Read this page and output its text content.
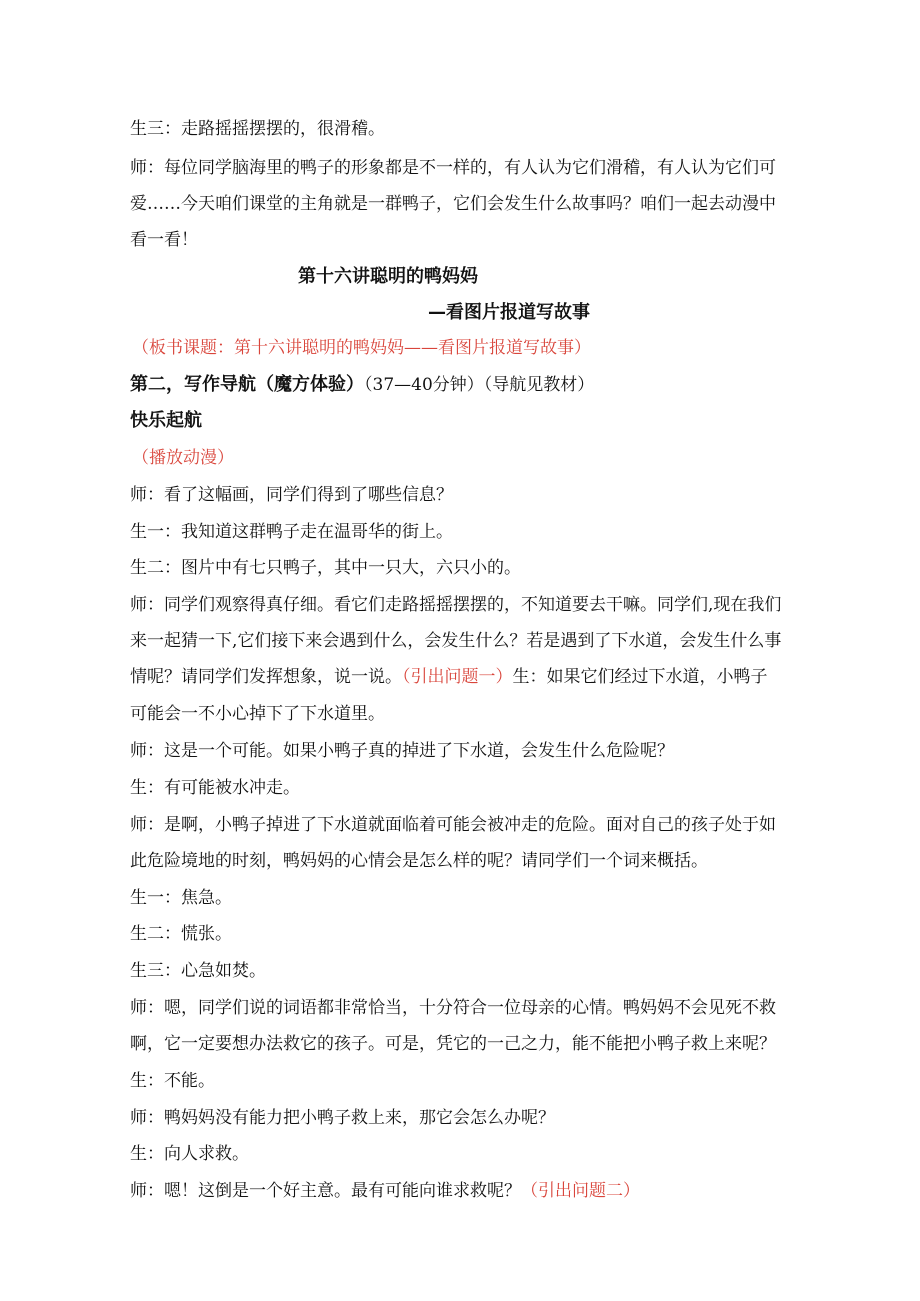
生三：走路摇摇摆摆的，很滑稽。
师：每位同学脑海里的鸭子的形象都是不一样的，有人认为它们滑稽，有人认为它们可
爱……今天咱们课堂的主角就是一群鸭子，它们会发生什么故事吗？咱们一起去动漫中
看一看！
第十六讲聪明的鸭妈妈
—看图片报道写故事
（板书课题：第十六讲聪明的鸭妈妈——看图片报道写故事）
第二，写作导航（魔方体验）（37—40分钟）（导航见教材）
快乐起航
（播放动漫）
师：看了这幅画，同学们得到了哪些信息？
生一：我知道这群鸭子走在温哥华的街上。
生二：图片中有七只鸭子，其中一只大，六只小的。
师：同学们观察得真仔细。看它们走路摇摇摆摆的，不知道要去干嘛。同学们,现在我们
来一起猜一下,它们接下来会遇到什么，会发生什么？若是遇到了下水道，会发生什么事
情呢？请同学们发挥想象，说一说。（引出问题一）生：如果它们经过下水道，小鸭子
可能会一不小心掉下了下水道里。
师：这是一个可能。如果小鸭子真的掉进了下水道，会发生什么危险呢？
生：有可能被水冲走。
师：是啊，小鸭子掉进了下水道就面临着可能会被冲走的危险。面对自己的孩子处于如
此危险境地的时刻，鸭妈妈的心情会是怎么样的呢？请同学们一个词来概括。
生一：焦急。
生二：慌张。
生三：心急如焚。
师：嗯，同学们说的词语都非常恰当，十分符合一位母亲的心情。鸭妈妈不会见死不救
啊，它一定要想办法救它的孩子。可是，凭它的一己之力，能不能把小鸭子救上来呢？
生：不能。
师：鸭妈妈没有能力把小鸭子救上来，那它会怎么办呢？
生：向人求救。
师：嗯！这倒是一个好主意。最有可能向谁求救呢？（引出问题二）
